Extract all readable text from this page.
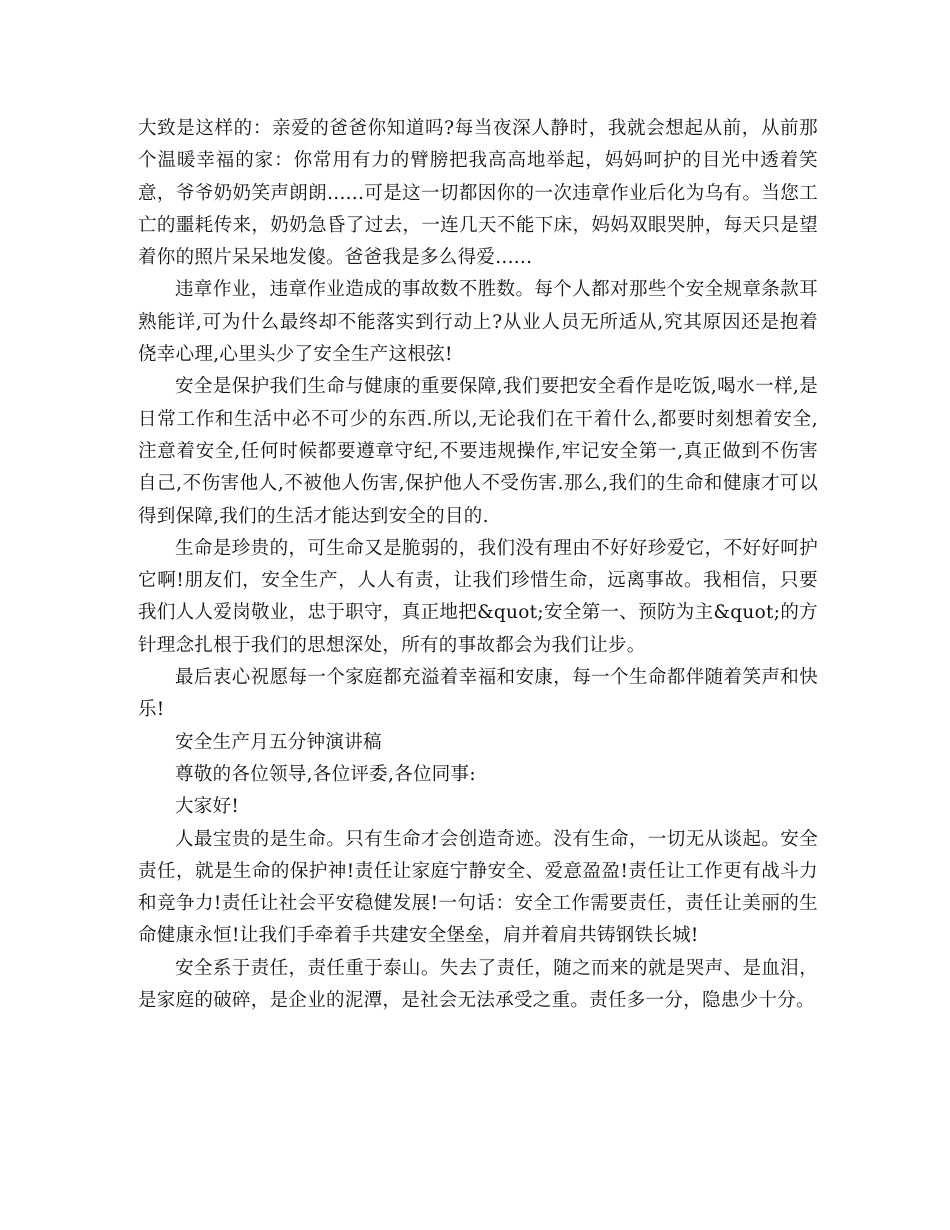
大致是这样的：亲爱的爸爸你知道吗?每当夜深人静时，我就会想起从前，从前那个温暖幸福的家：你常用有力的臂膀把我高高地举起，妈妈呵护的目光中透着笑意，爷爷奶奶笑声朗朗......可是这一切都因你的一次违章作业后化为乌有。当您工亡的噩耗传来，奶奶急昏了过去，一连几天不能下床，妈妈双眼哭肿，每天只是望着你的照片呆呆地发傻。爸爸我是多么得爱......

违章作业，违章作业造成的事故数不胜数。每个人都对那些个安全规章条款耳熟能详,可为什么最终却不能落实到行动上?从业人员无所适从,究其原因还是抱着侥幸心理,心里头少了安全生产这根弦!

安全是保护我们生命与健康的重要保障,我们要把安全看作是吃饭,喝水一样,是日常工作和生活中必不可少的东西.所以,无论我们在干着什么,都要时刻想着安全,注意着安全,任何时候都要遵章守纪,不要违规操作,牢记安全第一,真正做到不伤害自己,不伤害他人,不被他人伤害,保护他人不受伤害.那么,我们的生命和健康才可以得到保障,我们的生活才能达到安全的目的.

生命是珍贵的，可生命又是脆弱的，我们没有理由不好好珍爱它，不好好呵护它啊!朋友们，安全生产，人人有责，让我们珍惜生命，远离事故。我相信，只要我们人人爱岗敬业，忠于职守，真正地把&quot;安全第一、预防为主&quot;的方针理念扎根于我们的思想深处，所有的事故都会为我们让步。

最后衷心祝愿每一个家庭都充溢着幸福和安康，每一个生命都伴随着笑声和快乐!

安全生产月五分钟演讲稿

尊敬的各位领导,各位评委,各位同事:

大家好!

人最宝贵的是生命。只有生命才会创造奇迹。没有生命，一切无从谈起。安全责任，就是生命的保护神!责任让家庭宁静安全、爱意盈盈!责任让工作更有战斗力和竞争力!责任让社会平安稳健发展!一句话：安全工作需要责任，责任让美丽的生命健康永恒!让我们手牵着手共建安全堡垒，肩并着肩共铸钢铁长城!

安全系于责任，责任重于泰山。失去了责任，随之而来的就是哭声、是血泪，是家庭的破碎，是企业的泥潭，是社会无法承受之重。责任多一分，隐患少十分。
